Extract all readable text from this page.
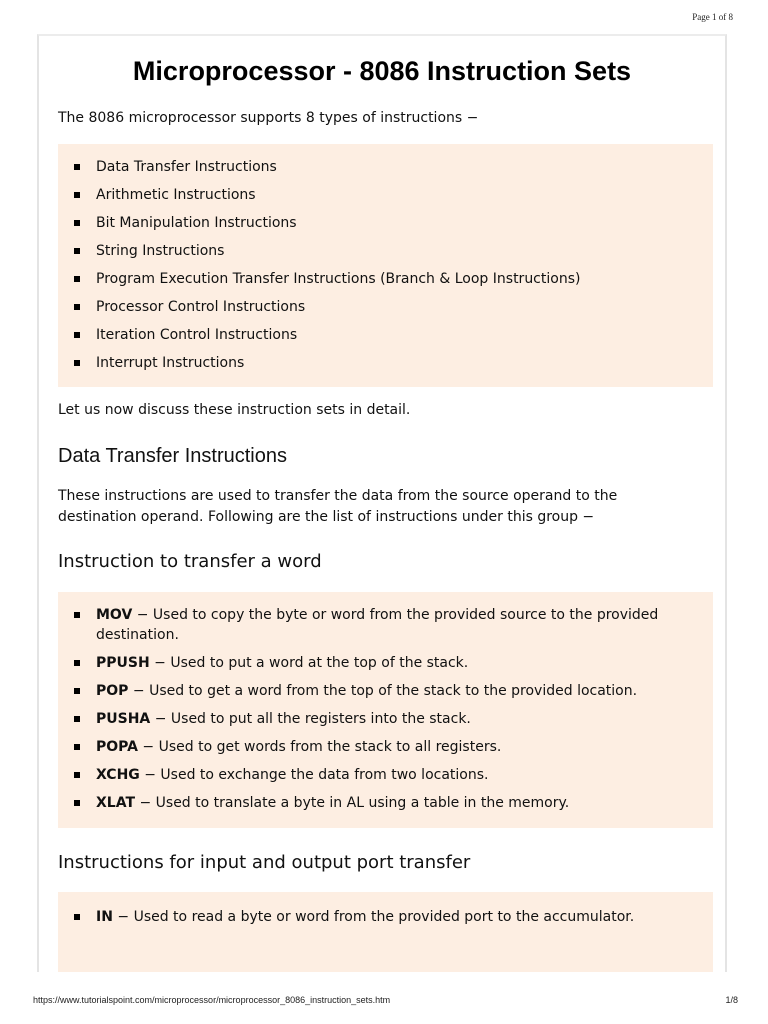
Page 1 of 8
Microprocessor - 8086 Instruction Sets
The 8086 microprocessor supports 8 types of instructions −
Data Transfer Instructions
Arithmetic Instructions
Bit Manipulation Instructions
String Instructions
Program Execution Transfer Instructions (Branch & Loop Instructions)
Processor Control Instructions
Iteration Control Instructions
Interrupt Instructions
Let us now discuss these instruction sets in detail.
Data Transfer Instructions
These instructions are used to transfer the data from the source operand to the destination operand. Following are the list of instructions under this group −
Instruction to transfer a word
MOV − Used to copy the byte or word from the provided source to the provided destination.
PPUSH − Used to put a word at the top of the stack.
POP − Used to get a word from the top of the stack to the provided location.
PUSHA − Used to put all the registers into the stack.
POPA − Used to get words from the stack to all registers.
XCHG − Used to exchange the data from two locations.
XLAT − Used to translate a byte in AL using a table in the memory.
Instructions for input and output port transfer
IN − Used to read a byte or word from the provided port to the accumulator.
https://www.tutorialspoint.com/microprocessor/microprocessor_8086_instruction_sets.htm	1/8
